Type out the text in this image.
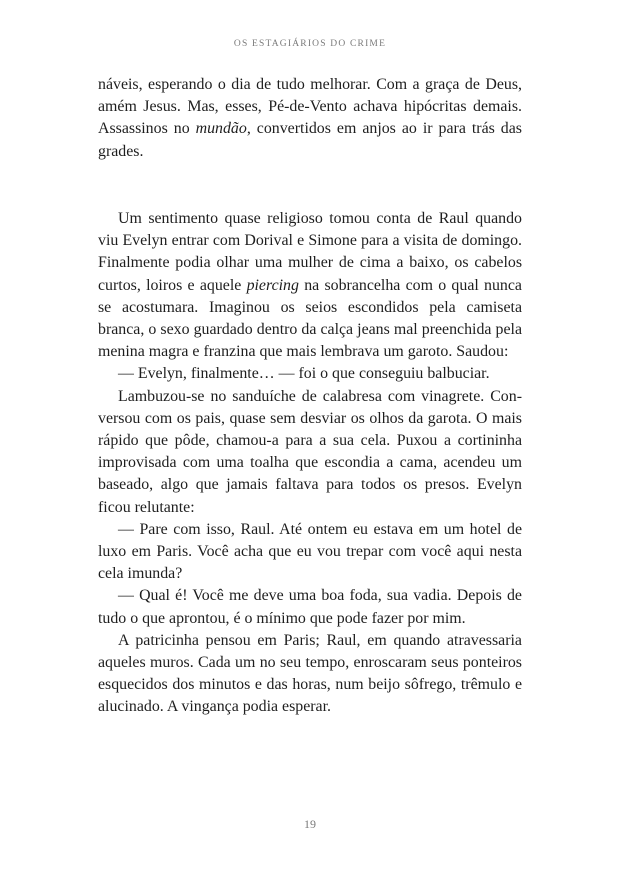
OS ESTAGIÁRIOS DO CRIME

náveis, esperando o dia de tudo melhorar. Com a graça de Deus, amém Jesus. Mas, esses, Pé-de-Vento achava hipócritas demais. Assassinos no mundão, convertidos em anjos ao ir para trás das grades.

Um sentimento quase religioso tomou conta de Raul quando viu Evelyn entrar com Dorival e Simone para a visita de domingo. Finalmente podia olhar uma mulher de cima a baixo, os cabelos curtos, loiros e aquele piercing na sobrancelha com o qual nunca se acostumara. Imaginou os seios escondidos pela camiseta branca, o sexo guardado dentro da calça jeans mal preenchida pela menina magra e franzina que mais lembrava um garoto. Saudou:

— Evelyn, finalmente… — foi o que conseguiu balbuciar.

Lambuzou-se no sanduíche de calabresa com vinagrete. Conversou com os pais, quase sem desviar os olhos da garota. O mais rápido que pôde, chamou-a para a sua cela. Puxou a cortininha improvisada com uma toalha que escondia a cama, acendeu um baseado, algo que jamais faltava para todos os presos. Evelyn ficou relutante:

— Pare com isso, Raul. Até ontem eu estava em um hotel de luxo em Paris. Você acha que eu vou trepar com você aqui nesta cela imunda?

— Qual é! Você me deve uma boa foda, sua vadia. Depois de tudo o que aprontou, é o mínimo que pode fazer por mim.

A patricinha pensou em Paris; Raul, em quando atravessaria aqueles muros. Cada um no seu tempo, enroscaram seus ponteiros esquecidos dos minutos e das horas, num beijo sôfrego, trêmulo e alucinado. A vingança podia esperar.

19
